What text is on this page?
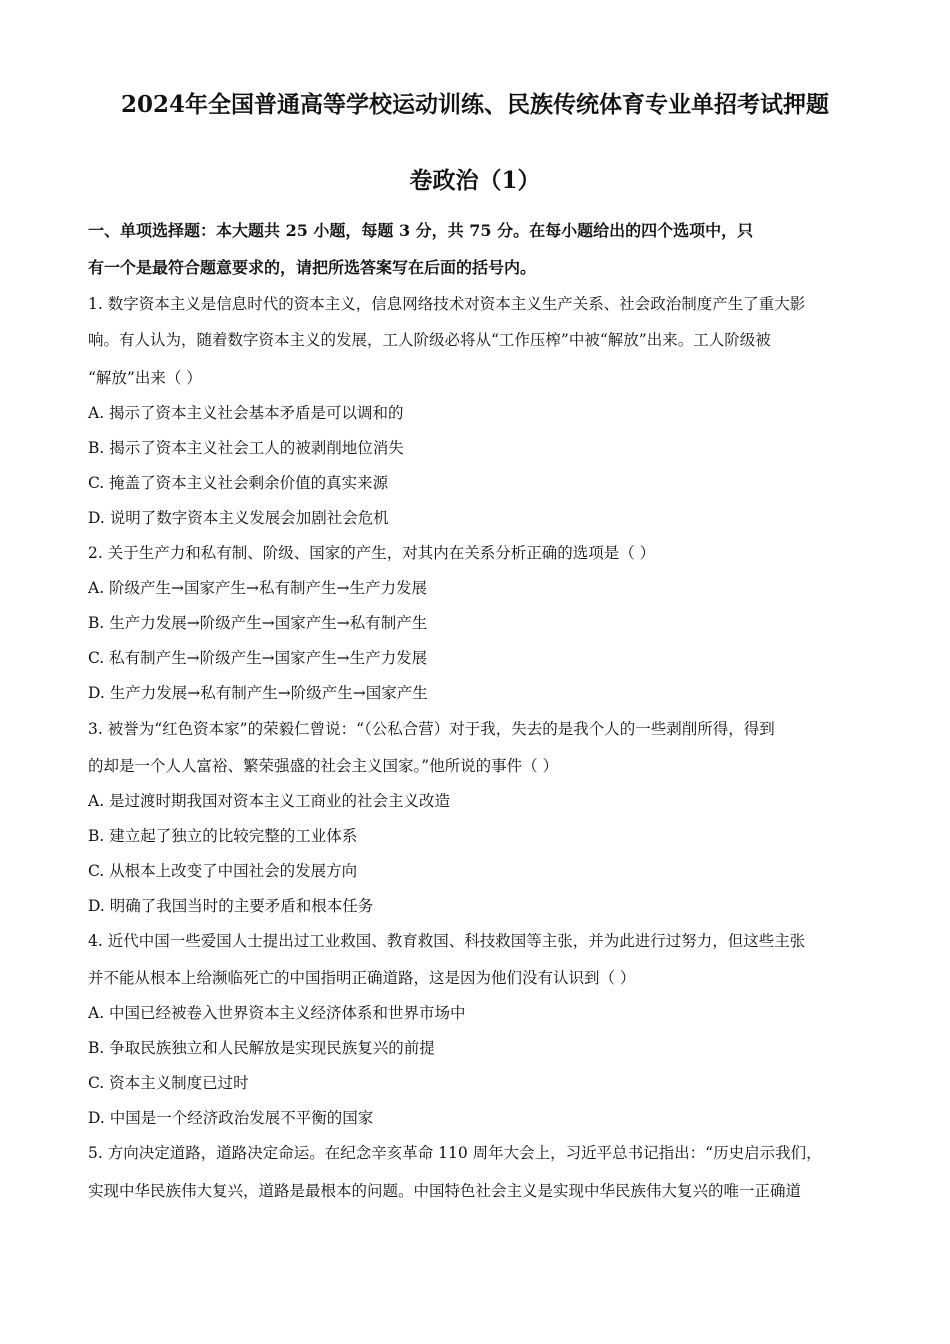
2024年全国普通高等学校运动训练、民族传统体育专业单招考试押题
卷政治（1）
一、单项选择题：本大题共 25 小题，每题 3 分，共 75 分。在每小题给出的四个选项中，只
有一个是最符合题意要求的，请把所选答案写在后面的括号内。
1. 数字资本主义是信息时代的资本主义，信息网络技术对资本主义生产关系、社会政治制度产生了重大影
响。有人认为，随着数字资本主义的发展，工人阶级必将从“工作压榨”中被“解放”出来。工人阶级被
“解放”出来（ ）
A. 揭示了资本主义社会基本矛盾是可以调和的
B. 揭示了资本主义社会工人的被剥削地位消失
C. 掩盖了资本主义社会剩余价值的真实来源
D. 说明了数字资本主义发展会加剧社会危机
2. 关于生产力和私有制、阶级、国家的产生，对其内在关系分析正确的选项是（ ）
A. 阶级产生→国家产生→私有制产生→生产力发展
B. 生产力发展→阶级产生→国家产生→私有制产生
C. 私有制产生→阶级产生→国家产生→生产力发展
D. 生产力发展→私有制产生→阶级产生→国家产生
3. 被誉为“红色资本家”的荣毅仁曾说：“（公私合营）对于我，失去的是我个人的一些剥削所得，得到
的却是一个人人富裕、繁荣强盛的社会主义国家。”他所说的事件（ ）
A. 是过渡时期我国对资本主义工商业的社会主义改造
B. 建立起了独立的比较完整的工业体系
C. 从根本上改变了中国社会的发展方向
D. 明确了我国当时的主要矛盾和根本任务
4. 近代中国一些爱国人士提出过工业救国、教育救国、科技救国等主张，并为此进行过努力，但这些主张
并不能从根本上给濒临死亡的中国指明正确道路，这是因为他们没有认识到（ ）
A. 中国已经被卷入世界资本主义经济体系和世界市场中
B. 争取民族独立和人民解放是实现民族复兴的前提
C. 资本主义制度已过时
D. 中国是一个经济政治发展不平衡的国家
5. 方向决定道路，道路决定命运。在纪念辛亥革命 110 周年大会上，习近平总书记指出：“历史启示我们，
实现中华民族伟大复兴，道路是最根本的问题。中国特色社会主义是实现中华民族伟大复兴的唯一正确道
